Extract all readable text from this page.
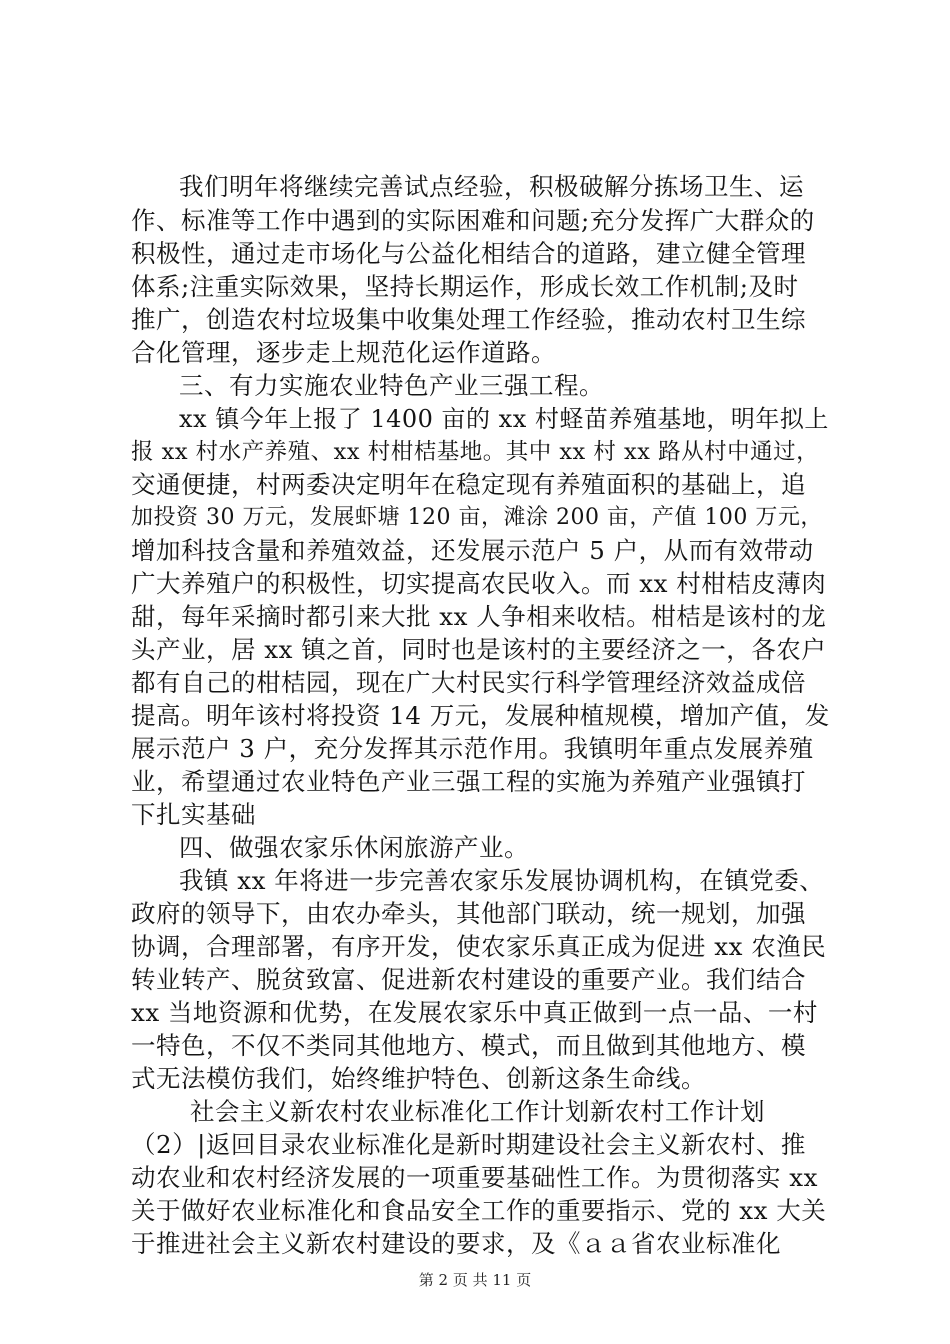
我们明年将继续完善试点经验，积极破解分拣场卫生、运
作、标准等工作中遇到的实际困难和问题;充分发挥广大群众的
积极性，通过走市场化与公益化相结合的道路，建立健全管理
体系;注重实际效果，坚持长期运作，形成长效工作机制;及时
推广，创造农村垃圾集中收集处理工作经验，推动农村卫生综
合化管理，逐步走上规范化运作道路。
三、有力实施农业特色产业三强工程。
xx 镇今年上报了 1400 亩的 xx 村蛏苗养殖基地，明年拟上
报 xx 村水产养殖、xx 村柑桔基地。其中 xx 村 xx 路从村中通过，
交通便捷，村两委决定明年在稳定现有养殖面积的基础上，追
加投资 30 万元，发展虾塘 120 亩，滩涂 200 亩，产值 100 万元，
增加科技含量和养殖效益，还发展示范户 5 户，从而有效带动
广大养殖户的积极性，切实提高农民收入。而 xx 村柑桔皮薄肉
甜，每年采摘时都引来大批 xx 人争相来收桔。柑桔是该村的龙
头产业，居 xx 镇之首，同时也是该村的主要经济之一，各农户
都有自己的柑桔园，现在广大村民实行科学管理经济效益成倍
提高。明年该村将投资 14 万元，发展种植规模，增加产值，发
展示范户 3 户，充分发挥其示范作用。我镇明年重点发展养殖
业，希望通过农业特色产业三强工程的实施为养殖产业强镇打
下扎实基础
四、做强农家乐休闲旅游产业。
我镇 xx 年将进一步完善农家乐发展协调机构，在镇党委、
政府的领导下，由农办牵头，其他部门联动，统一规划，加强
协调，合理部署，有序开发，使农家乐真正成为促进 xx 农渔民
转业转产、脱贫致富、促进新农村建设的重要产业。我们结合
xx 当地资源和优势，在发展农家乐中真正做到一点一品、一村
一特色，不仅不类同其他地方、模式，而且做到其他地方、模
式无法模仿我们，始终维护特色、创新这条生命线。
社会主义新农村农业标准化工作计划新农村工作计划
（2）|返回目录农业标准化是新时期建设社会主义新农村、推
动农业和农村经济发展的一项重要基础性工作。为贯彻落实 xx
关于做好农业标准化和食品安全工作的重要指示、党的 xx 大关
于推进社会主义新农村建设的要求，及《ａａ省农业标准化
第 2 页 共 11 页
